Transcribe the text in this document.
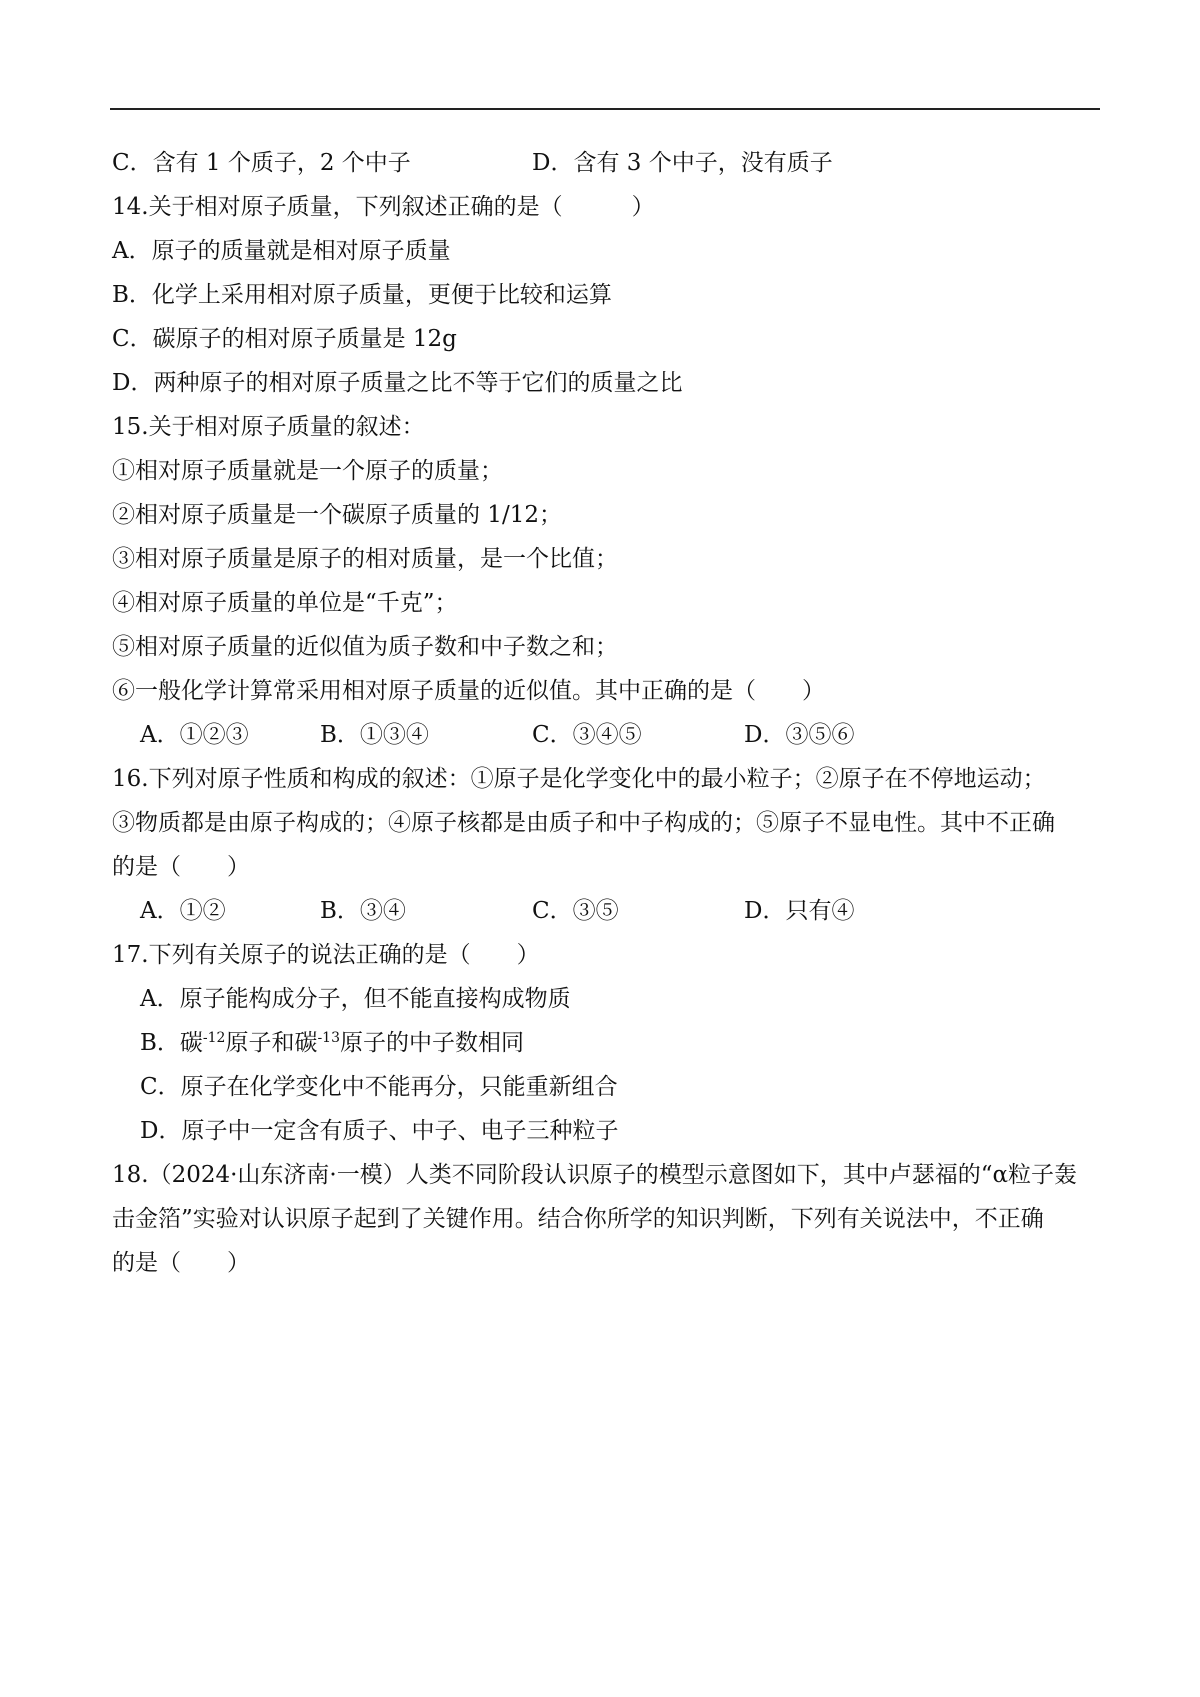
C．含有 1 个质子，2 个中子	D．含有 3 个中子，没有质子
14.关于相对原子质量，下列叙述正确的是（　　　）
A．原子的质量就是相对原子质量
B．化学上采用相对原子质量，更便于比较和运算
C．碳原子的相对原子质量是 12g
D．两种原子的相对原子质量之比不等于它们的质量之比
15.关于相对原子质量的叙述：
①相对原子质量就是一个原子的质量；
②相对原子质量是一个碳原子质量的 1/12；
③相对原子质量是原子的相对质量，是一个比值；
④相对原子质量的单位是“千克”；
⑤相对原子质量的近似值为质子数和中子数之和；
⑥一般化学计算常采用相对原子质量的近似值。其中正确的是（　　）
A．①②③	B．①③④	C．③④⑤	D．③⑤⑥
16.下列对原子性质和构成的叙述：①原子是化学变化中的最小粒子；②原子在不停地运动；
③物质都是由原子构成的；④原子核都是由质子和中子构成的；⑤原子不显电性。其中不正确
的是（　　）
A．①②	B．③④	C．③⑤	D．只有④
17.下列有关原子的说法正确的是（　　）
A．原子能构成分子，但不能直接构成物质
B．碳$^{-12}$原子和碳$^{-13}$原子的中子数相同
C．原子在化学变化中不能再分，只能重新组合
D．原子中一定含有质子、中子、电子三种粒子
18.（2024·山东济南·一模）人类不同阶段认识原子的模型示意图如下，其中卢瑟福的“α粒子轰
击金箔”实验对认识原子起到了关键作用。结合你所学的知识判断，下列有关说法中，不正确
的是（　　）
